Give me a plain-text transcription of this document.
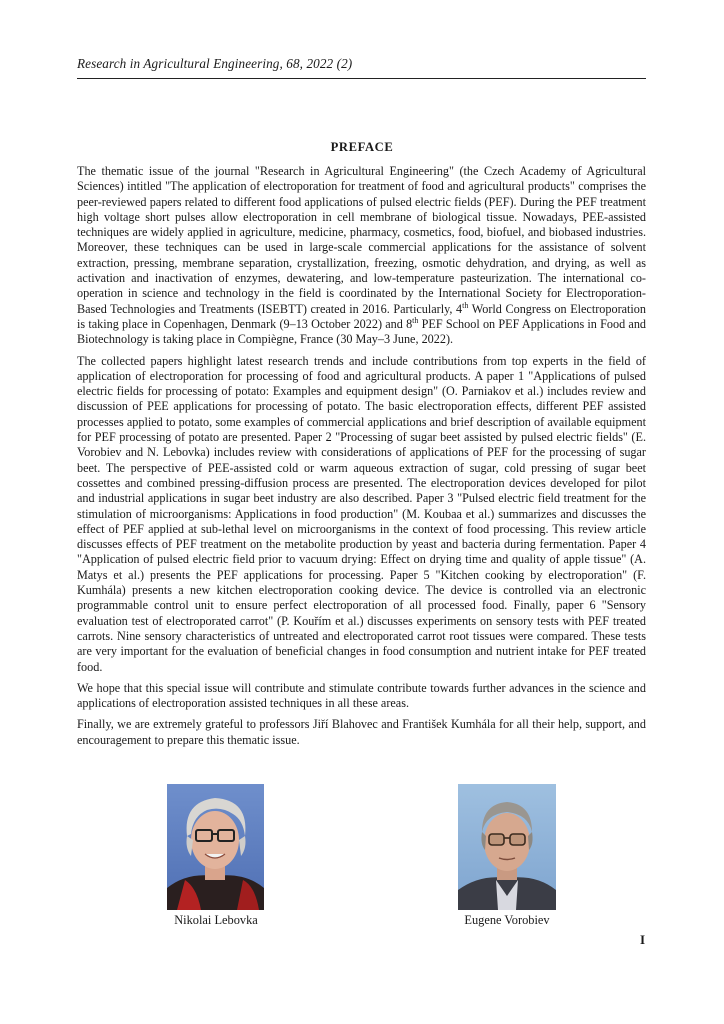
Research in Agricultural Engineering, 68, 2022 (2)
PREFACE

The thematic issue of the journal "Research in Agricultural Engineering" (the Czech Academy of Agricultural Sciences) intitled "The application of electroporation for treatment of food and agricultural products" comprises the peer-reviewed papers related to different food applications of pulsed electric fields (PEF). During the PEF treatment high voltage short pulses allow electroporation in cell membrane of biological tissue. Nowadays, PEE-assisted techniques are widely applied in agriculture, medicine, pharmacy, cosmetics, food, biofuel, and biobased industries. Moreover, these techniques can be used in large-scale commercial applications for the assistance of solvent extraction, pressing, membrane separation, crystallization, freezing, osmotic dehydration, and drying, as well as activation and inactivation of enzymes, dewatering, and low-temperature pasteurization. The international co-operation in science and technology in the field is coordinated by the International Society for Electroporation-Based Technologies and Treatments (ISEBTT) created in 2016. Particularly, 4th World Congress on Electroporation is taking place in Copenhagen, Denmark (9–13 October 2022) and 8th PEF School on PEF Applications in Food and Biotechnology is taking place in Compiègne, France (30 May–3 June, 2022).

The collected papers highlight latest research trends and include contributions from top experts in the field of application of electroporation for processing of food and agricultural products. A paper 1 "Applications of pulsed electric fields for processing of potato: Examples and equipment design" (O. Parniakov et al.) includes review and discussion of PEE applications for processing of potato. The basic electroporation effects, different PEF assisted processes applied to potato, some examples of commercial applications and brief description of available equipment for PEF processing of potato are presented. Paper 2 "Processing of sugar beet assisted by pulsed electric fields" (E. Vorobiev and N. Lebovka) includes review with considerations of applications of PEF for the processing of sugar beet. The perspective of PEE-assisted cold or warm aqueous extraction of sugar, cold pressing of sugar beet cossettes and combined pressing-diffusion process are presented. The electroporation devices developed for pilot and industrial applications in sugar beet industry are also described. Paper 3 "Pulsed electric field treatment for the stimulation of microorganisms: Applications in food production" (M. Koubaa et al.) summarizes and discusses the effect of PEF applied at sub-lethal level on microorganisms in the context of food processing. This review article discusses effects of PEF treatment on the metabolite production by yeast and bacteria during fermentation. Paper 4 "Application of pulsed electric field prior to vacuum drying: Effect on drying time and quality of apple tissue" (A. Matys et al.) presents the PEF applications for processing. Paper 5 "Kitchen cooking by electroporation" (F. Kumhála) presents a new kitchen electroporation cooking device. The device is controlled via an electronic programmable control unit to ensure perfect electroporation of all processed food. Finally, paper 6 "Sensory evaluation test of electroporated carrot" (P. Kouřím et al.) discusses experiments on sensory tests with PEF treated carrots. Nine sensory characteristics of untreated and electroporated carrot root tissues were compared. These tests are very important for the evaluation of beneficial changes in food consumption and nutrient intake for PEF treated food.

We hope that this special issue will contribute and stimulate contribute towards further advances in the science and applications of electroporation assisted techniques in all these areas.

Finally, we are extremely grateful to professors Jiří Blahovec and František Kumhála for all their help, support, and encouragement to prepare this thematic issue.

Nikolai Lebovka	Eugene Vorobiev
I
